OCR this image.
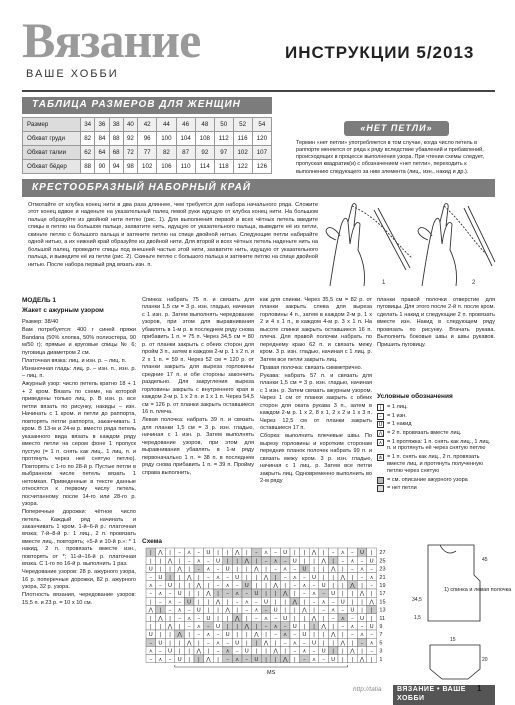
Вязание
ВАШЕ ХОББИ
ИНСТРУКЦИИ 5/2013
ТАБЛИЦА РАЗМЕРОВ ДЛЯ ЖЕНЩИН
Размер	34	36	38	40	42	44	46	48	50	52	54
Обхват груди	82	84	88	92	96	100	104	108	112	116	120
Обхват талии	62	64	68	72	77	82	87	92	97	102	107
Обхват бёдер	88	90	94	98	102	106	110	114	118	122	126
«НЕТ ПЕТЛИ»
Термин «нет петли» употребляется в том случае, когда число петель в раппорте меняется от ряда к ряду вследствие убавлений и прибавлений, происходящих в процессе выполнения узора. При чтении схемы следует, пропуская квадратик(и) с обозначением «нет петли», переходить к выполнению следующего за ним элемента (лиц., изн., накид и др.).
КРЕСТООБРАЗНЫЙ НАБОРНЫЙ КРАЙ
Отмотайте от клубка конец нити в два раза длиннее, чем требуется для набора начального ряда. Сложите этот конец вдвое и наденьте на указательный палец левой руки идущую от клубка конец нити. На большом пальце образуйте из двойной нити петлю (рис. 1). Для выполнения первой и всех чётных петель введите спицы в петлю на большом пальце, захватите нить, идущую от указательного пальца, выведите её из петли, скиньте петлю с большого пальца и затяните петлю на спице двойной нитью. Следующие петли набирайте одной нитью, а их нижний край образуйте из двойной нити. Для второй и всех чётных петель наденьте нить на большой палец, проведите спицы под внешней частью этой нити, захватите нить, идущую от указательного пальца, и выведите её из петли (рис. 2). Скиньте петлю с большого пальца и затяните петлю на спице двойной нитью. После набора первый ряд вязать изн. п.
1	2
МОДЕЛЬ 1
Жакет с ажурным узором

Размер: 38/40

Вам потребуется: 400 г синей пряжи Bandana (50% хлопка, 50% полиэстера, 90 м/50 г); прямые и круговые спицы № 6; пуговица диаметром 2 см.

Платочная вязка: лиц. и изн. р. – лиц. п.

Изнаночная гладь: лиц. р. – изн. п., изн. р. – лиц. п.

Ажурный узор: число петель кратно 18 + 1 + 2 кром. Вязать по схеме, на которой приведены только лиц. р. В изн. р. все петли вязать по рисунку, накиды – изн. Начинать с 1 кром. и петли до раппорта, повторять петли раппорта, заканчивать 1 кром. В 13-м и 24-м р. вместо ряда петель указанного вида вязать в каждом ряду вместо петли на сером фоне 1 пропуск пустую (= 1 п. снять как лиц., 1 лиц. п. и протянуть через неё снятую петлю). Повторять с 1-го по 28-й р. Пустые петли в выбранном числе петель вязать 1 нетомкая. Приведенные в тексте данные относятся к первому числу петель, посчитанному после 14-го или 28-го р. узора.

Поперечные дорожки: чётное число петель. Каждый ряд начинать и заканчивать 1 кром. 1-й–6-й р.: платочная вязка; 7-й–8-й р.: 1 лиц., 2 п. провязать вместе лиц., повторять; «5-й и 10-й р.»: * 1 накид, 2 п. провязать вместе изн., повторять от *; 11-й–16-й р. платочная вязка. С 1-го по 16-й р. выполнить 1 раз.

Чередование узоров: 28 р. ажурного узора, 16 р. поперечные дорожки, 82 р. ажурного узора, 32 р. узора.

Плотность вязания, чередование узоров: 15,5 п. и 23 р. = 10 х 10 см.

Спинка: набрать 75 п. и связать для планки 1,5 см = 3 р. изн. гладью, начиная с 1 изн. р. Затем выполнять чередование узоров, при этом для выравнивания убавлять в 1-м р. в последнем ряду снова прибавить 1 п. = 75 п. Через 34,5 см = 80 р. от планки закрыть с обеих сторон для пройм 3 п., затем в каждом 2-м р. 1 х 2 п. и 2 х 1 п. = 59 п. Через 52 см = 120 р. от планки закрыть для выреза горловины средние 17 п. и обе стороны закончить раздельно. Для закругления выреза горловины закрыть с внутреннего края в каждом 2-м р. 1 х 2 п. и 1 х 1 п. Через 54,5 см = 126 р. от планки закрыть оставшиеся 16 п. плеча.

Левая полочка: набрать 39 п. и связать для планки 1,5 см = 3 р. изн. гладью, начиная с 1 изн. р. Затем выполнять чередование узоров, при этом для выравнивания убавлять в 1-м ряду первоначально 1 п. = 38 п. в последнем ряду снова прибавить 1 п. = 39 п. Пройму справа выполнить,

как для спинки. Через 35,5 см = 82 р. от планки закрыть слева для выреза горловины 4 п., затем в каждом 2-м р. 1 х 2 и 4 х 1 п., в каждом 4-м р. 3 х 1 п. На высоте спинки закрыть оставшиеся 16 п. плеча. Для правой полочки набрать по переднему краю 62 п. и связать межу кром. 3 р. изн. гладью, начиная с 1 лиц. р. Затем все петли закрыть лиц.

Правая полочка: связать симметрично.

Рукава: набрать 57 п. и связать для планки 1,5 см = 3 р. изн. гладью, начиная с 1 изн. р. Затем связать ажурным узором. Через 1 см от планки закрыть с обеих сторон для оката рукава 3 п., затем в каждом 2-м р. 1 х 2, 8 х 1, 2 х 2 и 1 х 3 п. Через 12,5 см от планки закрыть оставшиеся 17 п.

Сборка: выполнить плечевые швы. По вырезу горловины и коротким сторонам передних планок полочек набрать 99 п. и связать межу кром. 3 р. изн. гладью, начиная с 1 лиц. р. Затем все петли закрыть лиц. Одновременно выполнить во 2-м ряду

планки правой полочки отверстие для пуговицы. Для этого после 2-й п. после кром. сделать 1 накид и следующие 2 п. провязать вместе изн. Накид в следующем ряду провязать по рисунку. Втачать рукава. Выполнить боковые швы и швы рукавов. Пришить пуговицу.

Условные обозначения
|	= 1 лиц.
– = 1 изн.
U = 1 накид
⋀ = 2 п. провязать вместе лиц.
⋏ = 1 протяжка: 1 п. снять как лиц., 1 лиц. п. и протянуть её через снятую петлю
⋔ = 1 п. снять как лиц., 2 п. провязать вместе лиц. и протянуть полученную петлю через снятую
= см. описание ажурного узора
= нет петли
Схема
| ⋀ | – ⋏ – U | | ⋀ | – ⋏ – U | | ⋀ | – ⋏ – U | 27
| | ⋀ | – ⋏ – U | | ⋀ | – ⋏ – U | | ⋀ | – ⋏ – U 25
U | | ⋀ | – ⋏ – U | | ⋀ | – ⋏ – U | | ⋀ | – ⋏ – 23
– U | | ⋀ | – ⋏ – U | | ⋀ | – ⋏ – U | | ⋀ | – ⋏ 21
⋏ – U | | ⋀ | – ⋏ – U | | ⋀ | – ⋏ – U | | ⋀ | – 19
– ⋏ – U | | ⋀ | – ⋏ – U | | ⋀ | – ⋏ – U | | ⋀ | 17
| – ⋏ – U | | ⋀ | – ⋏ – U | | ⋀ | – ⋏ – U | | ⋀ 15
⋀ | – ⋏ – U | | ⋀ | – ⋏ – U | | ⋀ | – ⋏ – U | | 13
| ⋀ | – ⋏ – U | | ⋀ | – ⋏ – U | | ⋀ | – ⋏ – U | 11
| | ⋀ | – ⋏ – U | | ⋀ | – ⋏ – U | | ⋀ | – ⋏ – U 9
U | | ⋀ | – ⋏ – U | | ⋀ | – ⋏ – U | | ⋀ | – ⋏ – 7
– U | | ⋀ | – ⋏ – U | | ⋀ | – ⋏ – U | | ⋀ | – ⋏ 5
⋏ – U | | ⋀ | – ⋏ – U | | ⋀ | – ⋏ – U | | ⋀ | – 3
– ⋏ – U | | ⋀ | – ⋏ – U | | ⋀ | – ⋏ – U | | ⋀ | 1
MS
1) спинка и левая полочка
34,5
1,5
45
15
20
http://tatia	ВЯЗАНИЕ • ВАШЕ ХОББИ
1
